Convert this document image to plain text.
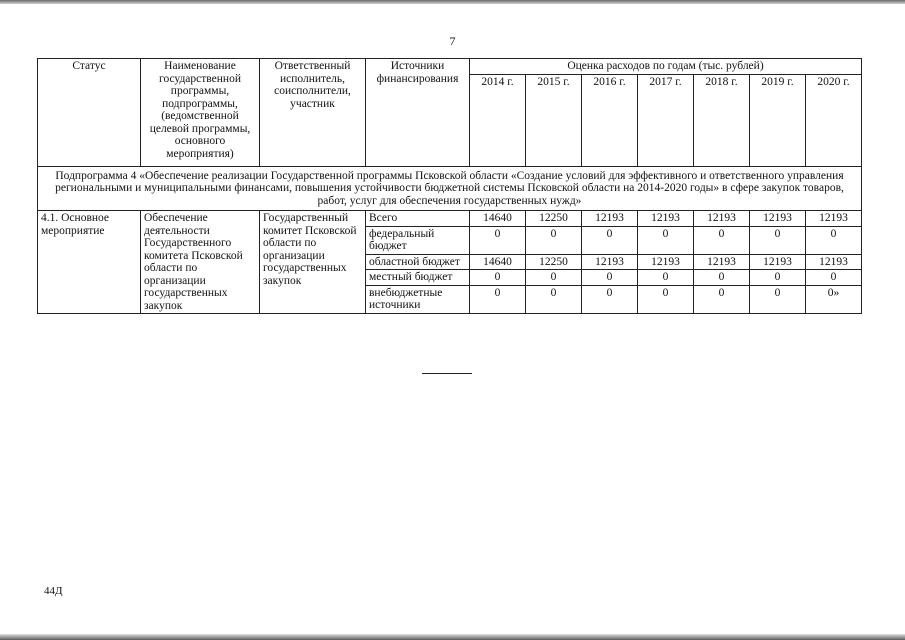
7
Статус	Наименование государственной программы, подпрограммы, (ведомственной целевой программы, основного мероприятия)	Ответственный исполнитель, соисполнители, участник	Источники финансирования	Оценка расходов по годам (тыс. рублей)						
				2014 г.	2015 г.	2016 г.	2017 г.	2018 г.	2019 г.	2020 г.
Подпрограмма 4 «Обеспечение реализации Государственной программы Псковской области «Создание условий для эффективного и ответственного управления региональными и муниципальными финансами, повышения устойчивости бюджетной системы Псковской области на 2014-2020 годы» в сфере закупок товаров, работ, услуг для обеспечения государственных нужд»										
4.1. Основное мероприятие	Обеспечение деятельности Государственного комитета Псковской области по организации государственных закупок	Государственный комитет Псковской области по организации государственных закупок	Всего	14640	12250	12193	12193	12193	12193	12193
			федеральный бюджет	0	0	0	0	0	0	0
			областной бюджет	14640	12250	12193	12193	12193	12193	12193
			местный бюджет	0	0	0	0	0	0	0
			внебюджетные источники	0	0	0	0	0	0	0»
44Д
